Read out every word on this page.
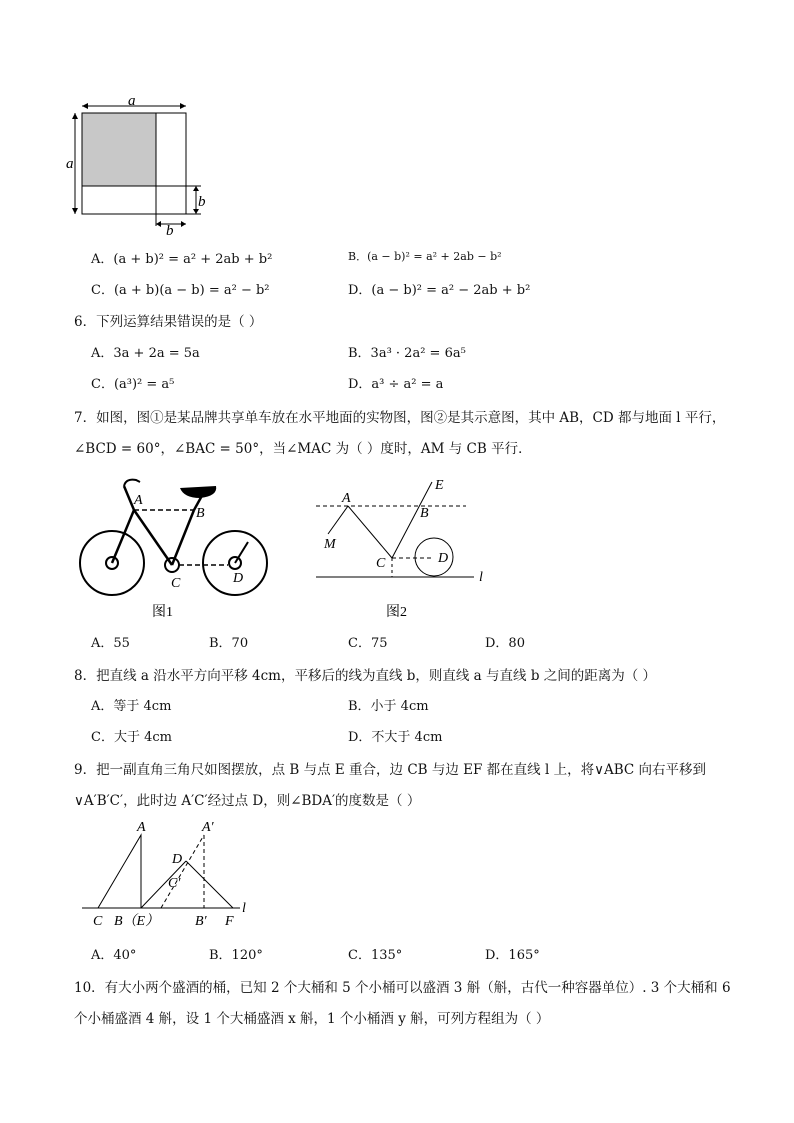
a
a
b
b
A．(a + b)² = a² + 2ab + b²	B．(a − b)² = a² + 2ab − b²
C．(a + b)(a − b) = a² − b²	D．(a − b)² = a² − 2ab + b²
6．下列运算结果错误的是（ ）
A．3a + 2a = 5a	B．3a³ · 2a² = 6a⁵
C．(a³)² = a⁵	D．a³ ÷ a² = a
7．如图，图①是某品牌共享单车放在水平地面的实物图，图②是其示意图，其中 AB，CD 都与地面 l 平行，
∠BCD = 60°，∠BAC = 50°，当∠MAC 为（ ）度时，AM 与 CB 平行．
A
B
C	D
图1
A
B
E
M
C	D
l
图2
A．55	B．70	C．75	D．80
8．把直线 a 沿水平方向平移 4cm，平移后的线为直线 b，则直线 a 与直线 b 之间的距离为（ ）
A．等于 4cm	B．小于 4cm
C．大于 4cm	D．不大于 4cm
9．把一副直角三角尺如图摆放，点 B 与点 E 重合，边 CB 与边 EF 都在直线 l 上，将∨ABC 向右平移到
∨A′B′C′，此时边 A′C′经过点 D，则∠BDA′的度数是（ ）
A	A′
D
C′
C B（E）	B′ F
l
A．40°	B．120°	C．135°	D．165°
10．有大小两个盛酒的桶，已知 2 个大桶和 5 个小桶可以盛酒 3 斛（斛，古代一种容器单位）. 3 个大桶和 6
个小桶盛酒 4 斛，设 1 个大桶盛酒 x 斛，1 个小桶酒 y 斛，可列方程组为（ ）
